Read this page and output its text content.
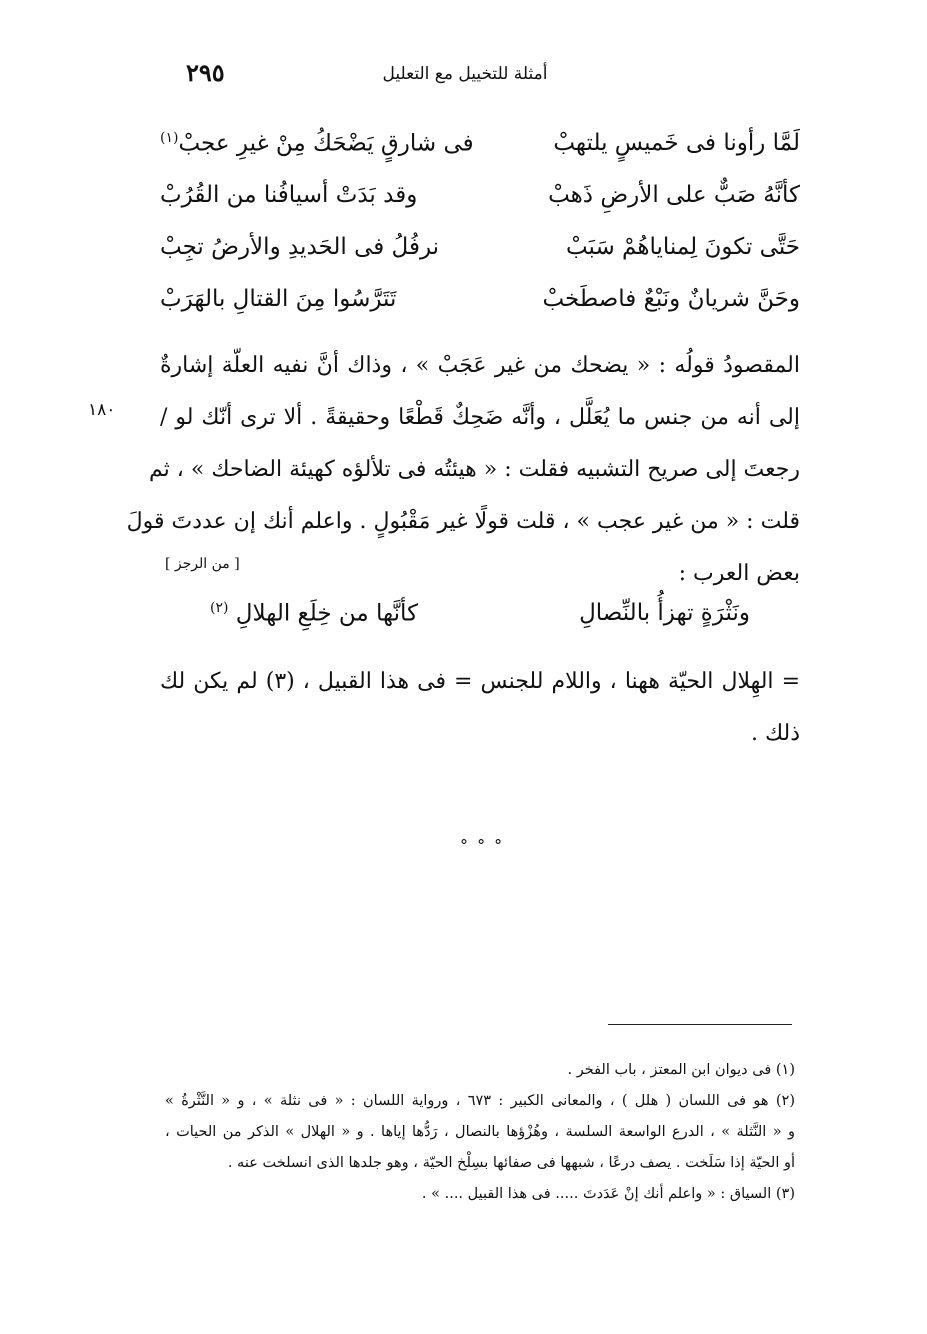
٢٩٥	أمثلة للتخييل مع التعليل
١٨٠
لَمَّا رأونا فى خَميسٍ يلتهبْ
فى شارقٍ يَضْحَكُ مِنْ غيرِ عجبْ$^{(١)}$
كأنَّهُ صَبٌّ على الأرضِ ذَهبْ
وقد بَدَتْ أسيافُنا من القُرُبْ
حَتَّى تكونَ لِمناياهُمْ سَبَبْ
نرفُلُ فى الحَديدِ والأرضُ تجِبْ
وحَنَّ شريانٌ ونَبْعٌ فاصطَخبْ
تَتَرَّسُوا مِنَ القتالِ بالهَرَبْ
المقصودُ قولُه : « يضحك من غير عَجَبْ » ، وذاك أنَّ نفيه العلّة إشارةٌ
إلى أنه من جنس ما يُعَلَّل ، وأنَّه ضَحِكٌ قَطْعًا وحقيقةً . ألا ترى أنّك لو /
رجعتَ إلى صريح التشبيه فقلت : « هيئتُه فى تلألؤه كهيئة الضاحك » ، ثم
قلت : « من غير عجب » ، قلت قولًا غير مَقْبُولٍ . واعلم أنك إن عددتَ قولَ
بعض العرب :
[ من الرجز ]
ونَثْرَةٍ تهزأُ بالنِّصالِ
كأنَّها من خِلَعِ الهلالِ $^{(٢)}$
= الهِلال الحيّة ههنا ، واللام للجنس = فى هذا القبيل ، (٣) لم يكن لك
ذلك .
° ° °
(١) فى ديوان ابن المعتز ، باب الفخر .
(٢) هو فى اللسان ( هلل ) ، والمعانى الكبير : ٦٧٣ ، ورواية اللسان : « فى نثلة » ، و « النَّثْرةُ »
و « النَّثلة » ، الدرع الواسعة السلسة ، وهُزْؤها بالنصال ، رَدُّها إياها . و « الهلال » الذكر من الحيات ،
أو الحيّة إذا سَلَخت . يصف درعًا ، شبهها فى صفائها بسِلْخ الحيّة ، وهو جلدها الذى انسلخت عنه .
(٣) السياق : « واعلم أنك إنْ عَدَدتَ ..... فى هذا القبيل .... » .
